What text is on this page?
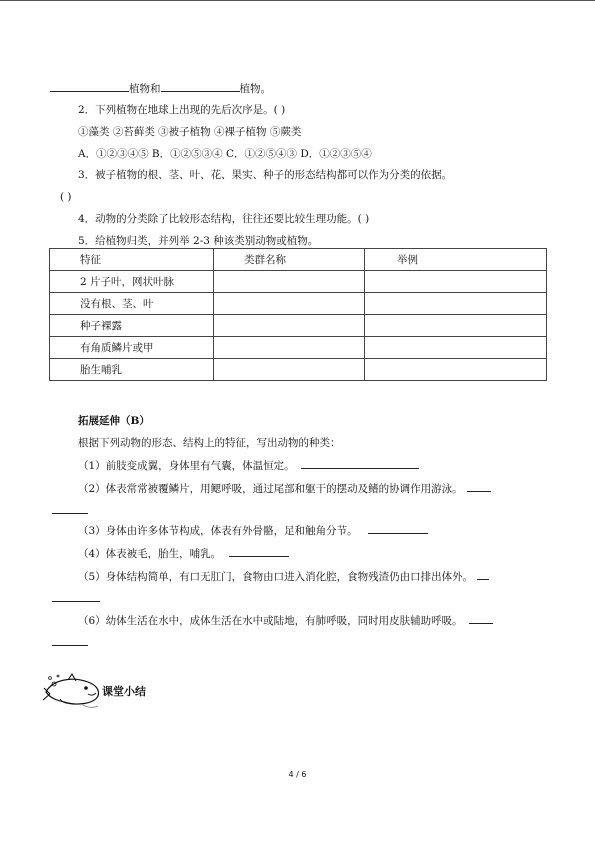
植物和	植物。
2．下列植物在地球上出现的先后次序是。( )
①藻类 ②苔藓类 ③被子植物 ④裸子植物 ⑤蕨类
A．①②③④⑤ B．①②⑤③④ C．①②⑤④③ D．①②③⑤④
3．被子植物的根、茎、叶、花、果实、种子的形态结构都可以作为分类的依据。
( )
4．动物的分类除了比较形态结构，往往还要比较生理功能。( )
5．给植物归类，并列举 2-3 种该类别动物或植物。
特征	类群名称	举例
2 片子叶，网状叶脉		
没有根、茎、叶		
种子裸露		
有角质鳞片或甲		
胎生哺乳		
拓展延伸（B）
根据下列动物的形态、结构上的特征，写出动物的种类：
（1）前肢变成翼，身体里有气囊，体温恒定。
（2）体表常常被覆鳞片，用鳃呼吸，通过尾部和躯干的摆动及鳍的协调作用游泳。
（3）身体由许多体节构成，体表有外骨骼，足和触角分节。
（4）体表被毛，胎生，哺乳。
（5）身体结构简单，有口无肛门，食物由口进入消化腔，食物残渣仍由口排出体外。
（6）幼体生活在水中，成体生活在水中或陆地，有肺呼吸，同时用皮肤辅助呼吸。
课堂小结
4 / 6
